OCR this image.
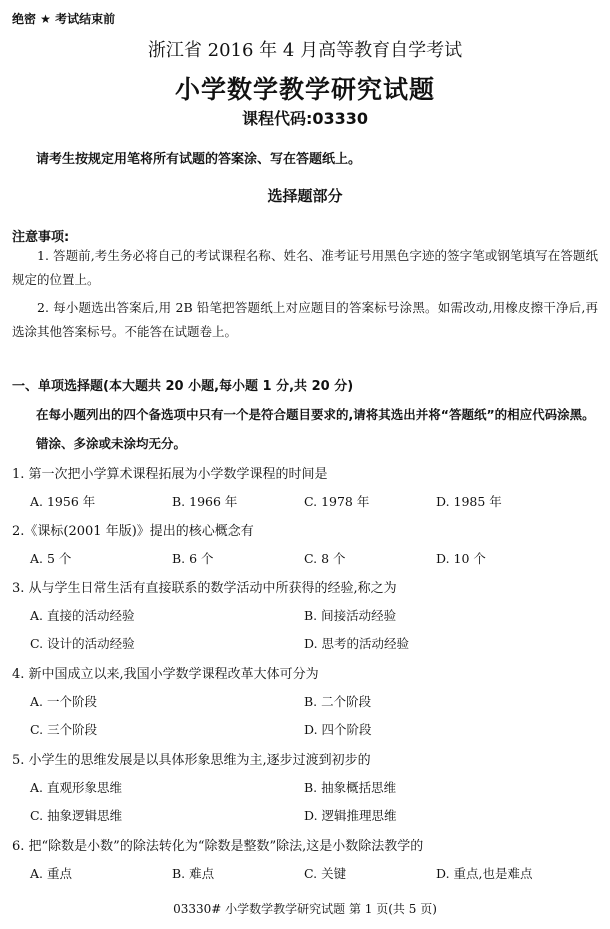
绝密 ★ 考试结束前
浙江省 2016 年 4 月高等教育自学考试
小学数学教学研究试题
课程代码:03330
请考生按规定用笔将所有试题的答案涂、写在答题纸上。
选择题部分
注意事项:
1. 答题前,考生务必将自己的考试课程名称、姓名、准考证号用黑色字迹的签字笔或钢笔填写在答题纸规定的位置上。
2. 每小题选出答案后,用 2B 铅笔把答题纸上对应题目的答案标号涂黑。如需改动,用橡皮擦干净后,再选涂其他答案标号。不能答在试题卷上。
一、单项选择题(本大题共 20 小题,每小题 1 分,共 20 分)
在每小题列出的四个备选项中只有一个是符合题目要求的,请将其选出并将“答题纸”的相应代码涂黑。错涂、多涂或未涂均无分。
1. 第一次把小学算术课程拓展为小学数学课程的时间是
A. 1956 年	B. 1966 年	C. 1978 年	D. 1985 年
2.《课标(2001 年版)》提出的核心概念有
A. 5 个	B. 6 个	C. 8 个	D. 10 个
3. 从与学生日常生活有直接联系的数学活动中所获得的经验,称之为
A. 直接的活动经验	B. 间接活动经验
C. 设计的活动经验	D. 思考的活动经验
4. 新中国成立以来,我国小学数学课程改革大体可分为
A. 一个阶段	B. 二个阶段
C. 三个阶段	D. 四个阶段
5. 小学生的思维发展是以具体形象思维为主,逐步过渡到初步的
A. 直观形象思维	B. 抽象概括思维
C. 抽象逻辑思维	D. 逻辑推理思维
6. 把“除数是小数”的除法转化为“除数是整数”除法,这是小数除法教学的
A. 重点	B. 难点	C. 关键	D. 重点,也是难点
03330# 小学数学教学研究试题 第 1 页(共 5 页)
